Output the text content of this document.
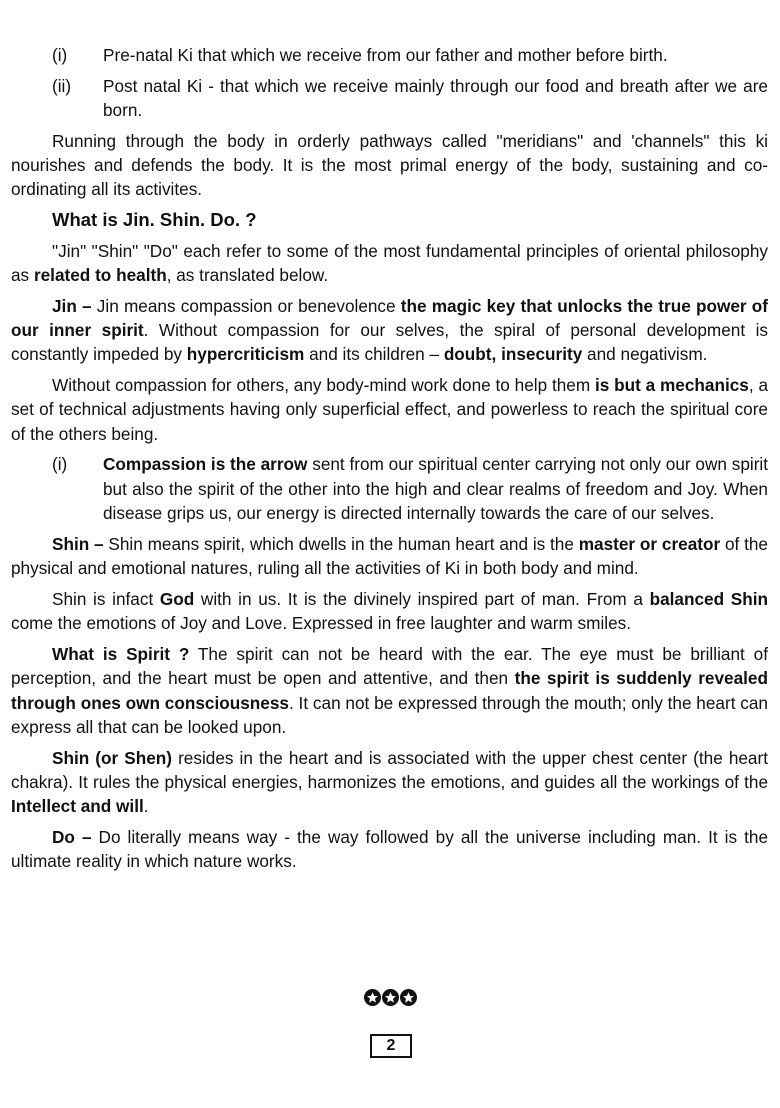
(i)	Pre-natal Ki that which we receive from our father and mother before birth.
(ii)	Post natal Ki - that which we receive mainly through our food and breath after we are born.

Running through the body in orderly pathways called "meridians" and 'channels" this ki nourishes and defends the body. It is the most primal energy of the body, sustaining and co-ordinating all its activites.

What is Jin. Shin. Do. ?

"Jin" "Shin" "Do" each refer to some of the most fundamental principles of oriental philosophy as related to health, as translated below.

Jin – Jin means compassion or benevolence the magic key that unlocks the true power of our inner spirit. Without compassion for our selves, the spiral of personal development is constantly impeded by hypercriticism and its children – doubt, insecurity and negativism.

Without compassion for others, any body-mind work done to help them is but a mechanics, a set of technical adjustments having only superficial effect, and powerless to reach the spiritual core of the others being.

(i)	Compassion is the arrow sent from our spiritual center carrying not only our own spirit but also the spirit of the other into the high and clear realms of freedom and Joy. When disease grips us, our energy is directed internally towards the care of our selves.

Shin – Shin means spirit, which dwells in the human heart and is the master or creator of the physical and emotional natures, ruling all the activities of Ki in both body and mind.

Shin is infact God with in us. It is the divinely inspired part of man. From a balanced Shin come the emotions of Joy and Love. Expressed in free laughter and warm smiles.

What is Spirit ? The spirit can not be heard with the ear. The eye must be brilliant of perception, and the heart must be open and attentive, and then the spirit is suddenly revealed through ones own consciousness. It can not be expressed through the mouth; only the heart can express all that can be looked upon.

Shin (or Shen) resides in the heart and is associated with the upper chest center (the heart chakra). It rules the physical energies, harmonizes the emotions, and guides all the workings of the Intellect and will.

Do – Do literally means way - the way followed by all the universe including man. It is the ultimate reality in which nature works.

2
